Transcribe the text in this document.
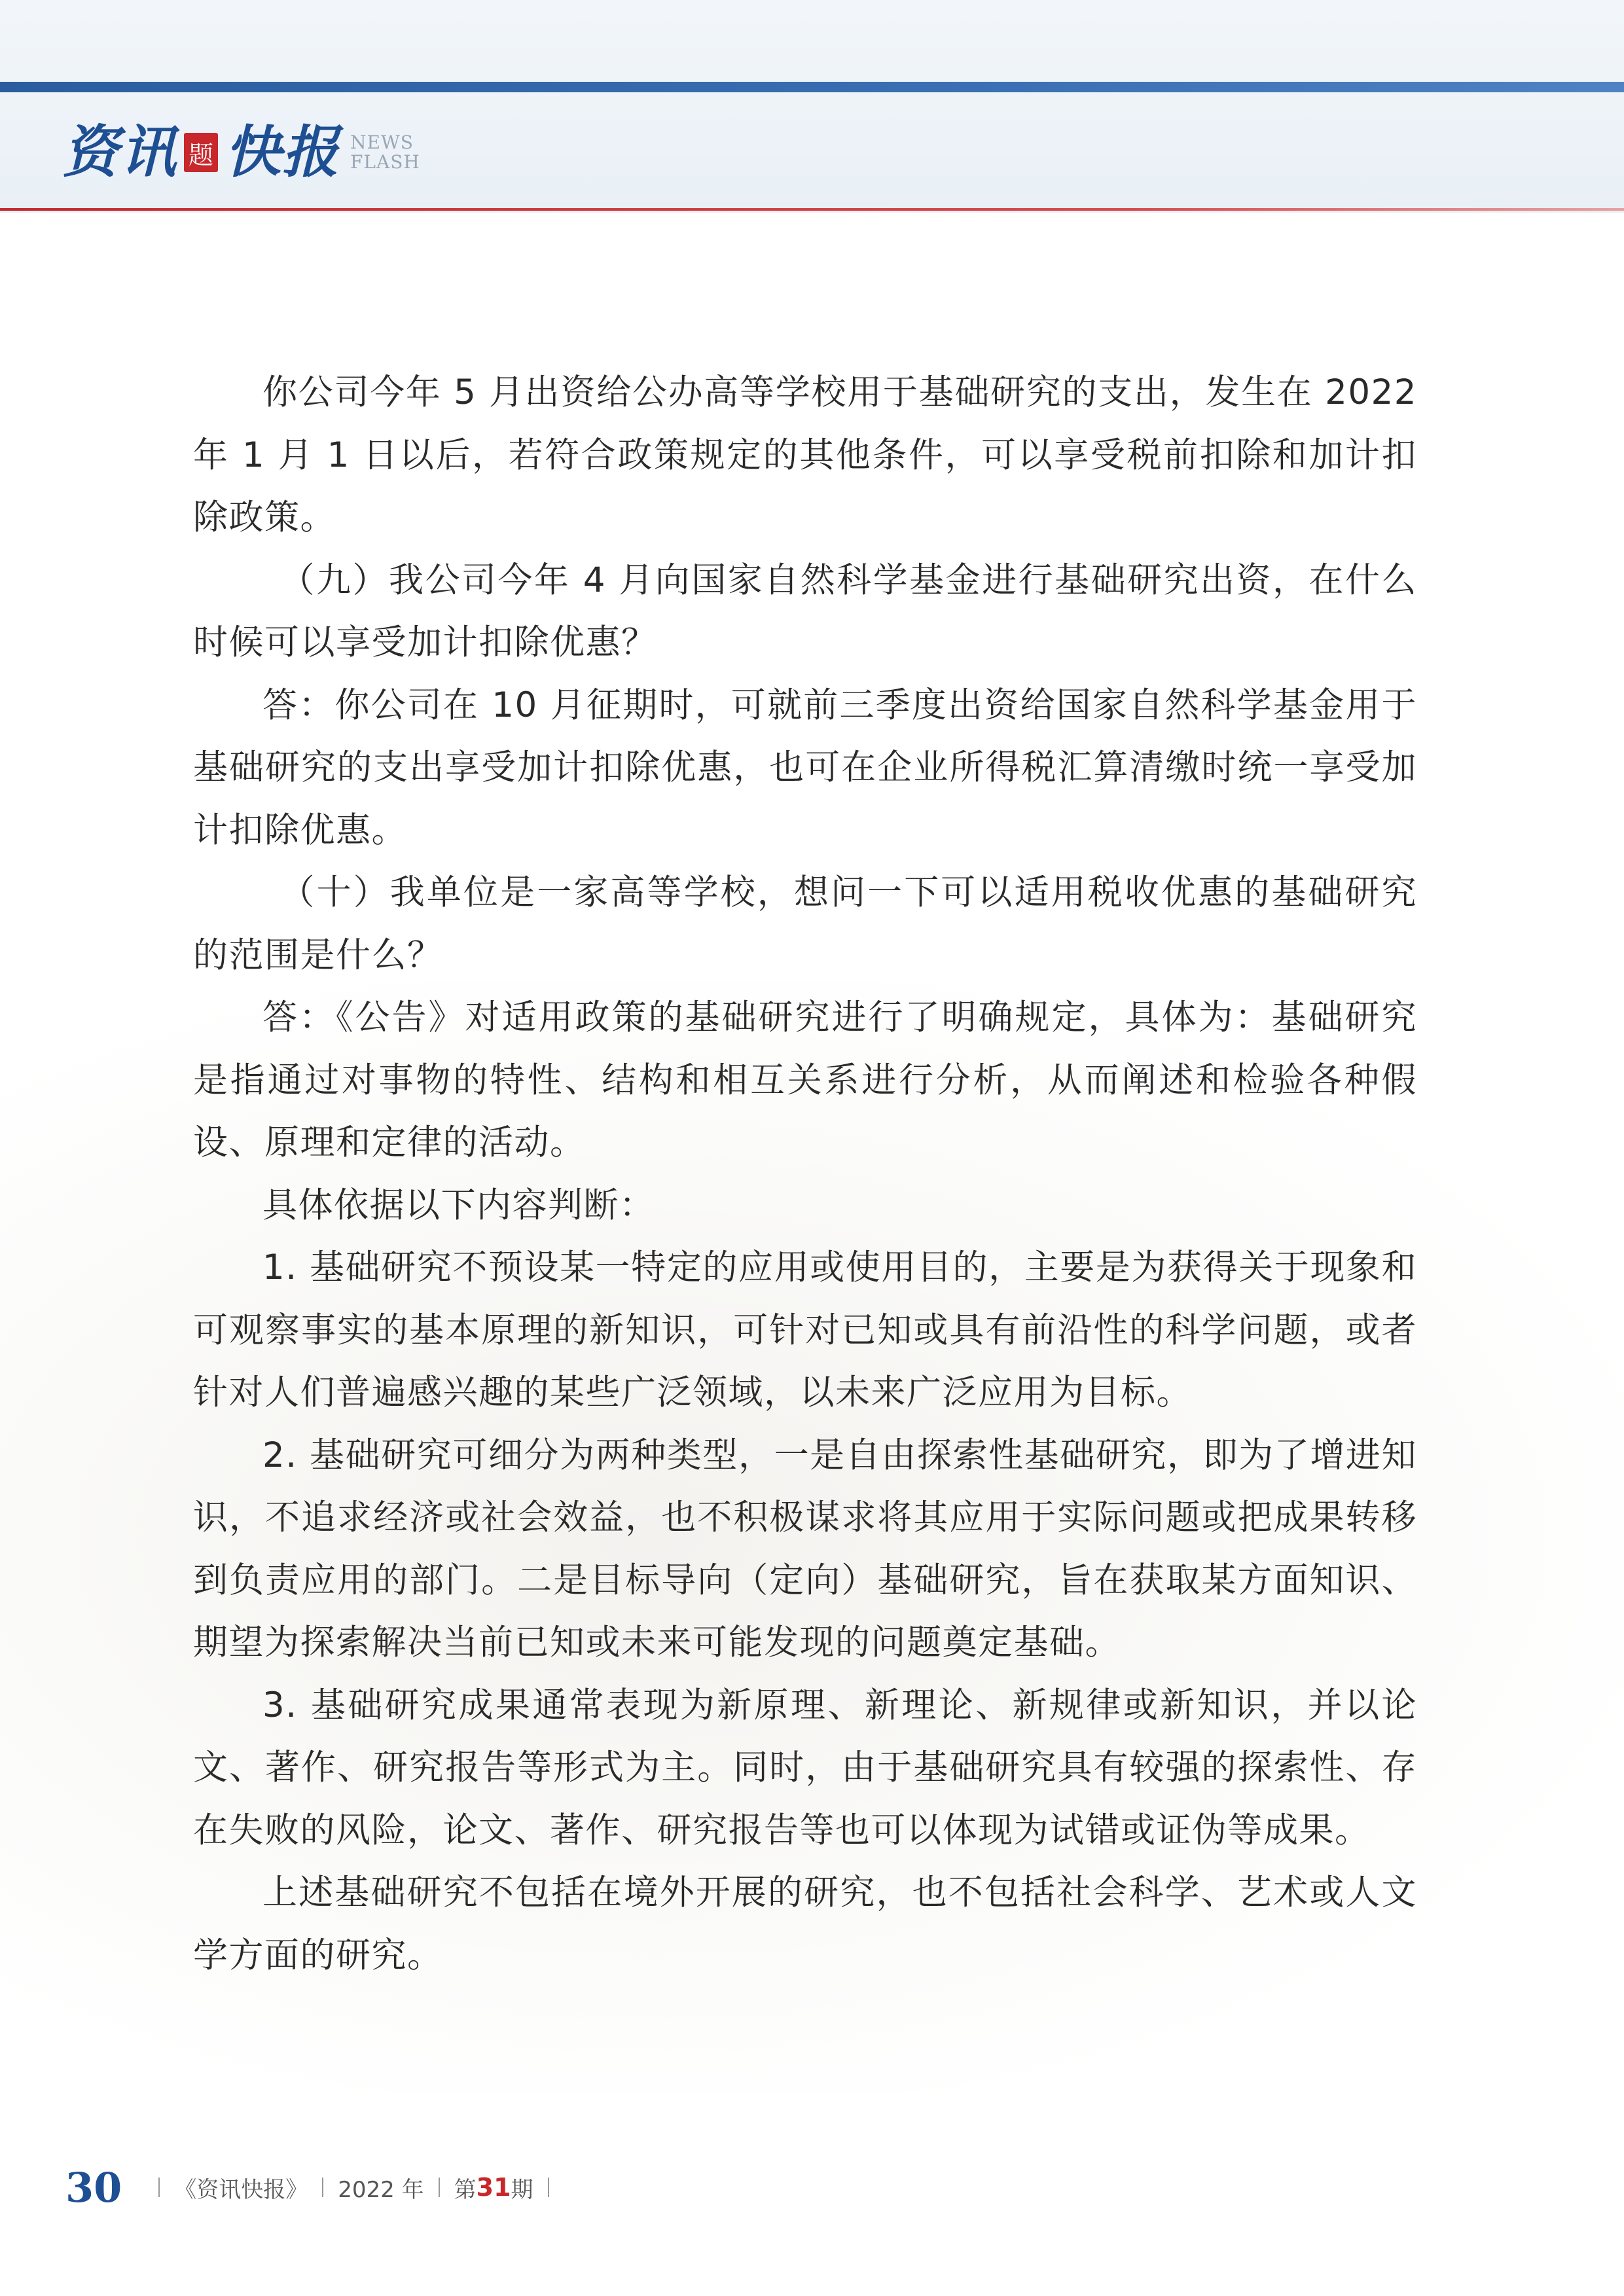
资讯 题 快报 NEWS
FLASH

你公司今年 5 月出资给公办高等学校用于基础研究的支出，发生在 2022 年 1 月 1 日以后，若符合政策规定的其他条件，可以享受税前扣除和加计扣除政策。

（九）我公司今年 4 月向国家自然科学基金进行基础研究出资，在什么时候可以享受加计扣除优惠？

答：你公司在 10 月征期时，可就前三季度出资给国家自然科学基金用于基础研究的支出享受加计扣除优惠，也可在企业所得税汇算清缴时统一享受加计扣除优惠。

（十）我单位是一家高等学校，想问一下可以适用税收优惠的基础研究的范围是什么？

答：《公告》对适用政策的基础研究进行了明确规定，具体为：基础研究是指通过对事物的特性、结构和相互关系进行分析，从而阐述和检验各种假设、原理和定律的活动。

具体依据以下内容判断：

1. 基础研究不预设某一特定的应用或使用目的，主要是为获得关于现象和可观察事实的基本原理的新知识，可针对已知或具有前沿性的科学问题，或者针对人们普遍感兴趣的某些广泛领域，以未来广泛应用为目标。

2. 基础研究可细分为两种类型，一是自由探索性基础研究，即为了增进知识，不追求经济或社会效益，也不积极谋求将其应用于实际问题或把成果转移到负责应用的部门。二是目标导向（定向）基础研究，旨在获取某方面知识、期望为探索解决当前已知或未来可能发现的问题奠定基础。

3. 基础研究成果通常表现为新原理、新理论、新规律或新知识，并以论文、著作、研究报告等形式为主。同时，由于基础研究具有较强的探索性、存在失败的风险，论文、著作、研究报告等也可以体现为试错或证伪等成果。

上述基础研究不包括在境外开展的研究，也不包括社会科学、艺术或人文学方面的研究。

30 《资讯快报》 2022 年 第 31 期
